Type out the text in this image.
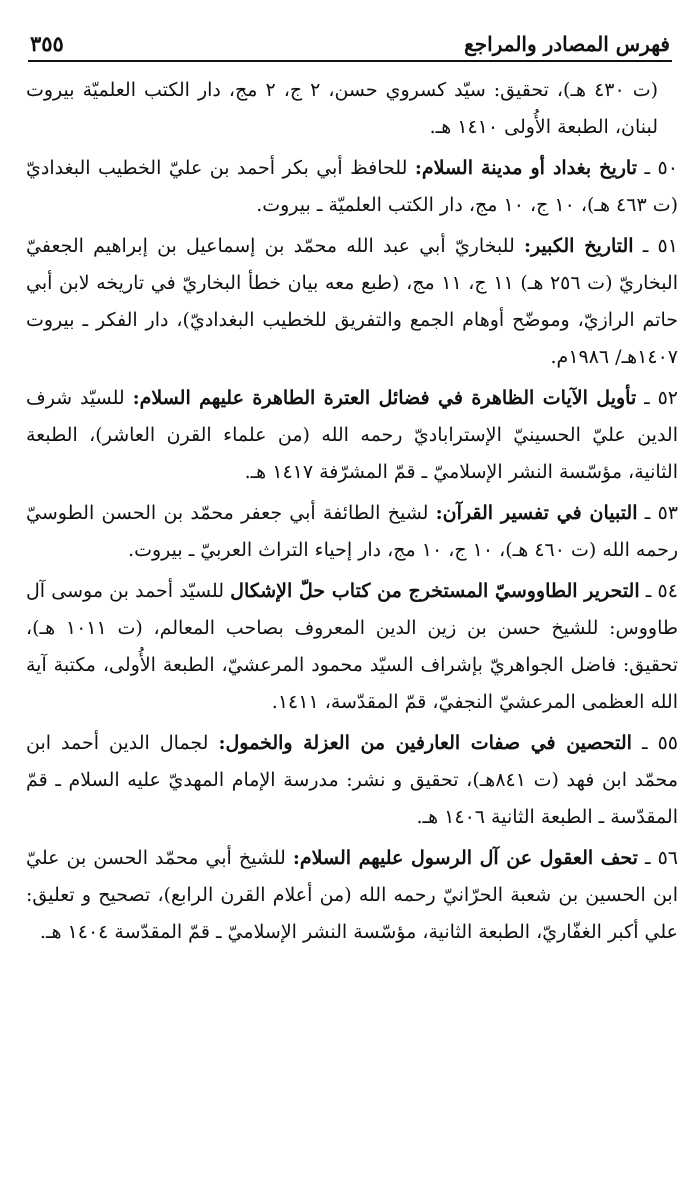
فهرس المصادر والمراجع
٣٥٥

(ت ٤٣٠ هـ)، تحقيق: سيّد كسروي حسن، ٢ ج، ٢ مج، دار الكتب العلميّة بيروت لبنان، الطبعة الأُولى ١٤١٠ هـ.

٥٠ ـ تاريخ بغداد أو مدينة السلام: للحافظ أبي بكر أحمد بن عليّ الخطيب البغداديّ (ت ٤٦٣ هـ)، ١٠ ج، ١٠ مج، دار الكتب العلميّة ـ بيروت.

٥١ ـ التاريخ الكبير: للبخاريّ أبي عبد الله محمّد بن إسماعيل بن إبراهيم الجعفيّ البخاريّ (ت ٢٥٦ هـ) ١١ ج، ١١ مج، (طبع معه بيان خطأ البخاريّ في تاريخه لابن أبي حاتم الرازيّ، وموضّح أوهام الجمع والتفريق للخطيب البغداديّ)، دار الفكر ـ بيروت ١٤٠٧هـ/ ١٩٨٦م.

٥٢ ـ تأويل الآيات الظاهرة في فضائل العترة الطاهرة عليهم السلام: للسيّد شرف الدين عليّ الحسينيّ الإستراباديّ رحمه الله (من علماء القرن العاشر)، الطبعة الثانية، مؤسّسة النشر الإسلاميّ ـ قمّ المشرّفة ١٤١٧ هـ.

٥٣ ـ التبيان في تفسير القرآن: لشيخ الطائفة أبي جعفر محمّد بن الحسن الطوسيّ رحمه الله (ت ٤٦٠ هـ)، ١٠ ج، ١٠ مج، دار إحياء التراث العربيّ ـ بيروت.

٥٤ ـ التحرير الطاووسيّ المستخرج من كتاب حلّ الإشكال للسيّد أحمد بن موسى آل طاووس: للشيخ حسن بن زين الدين المعروف بصاحب المعالم، (ت ١٠١١ هـ)، تحقيق: فاضل الجواهريّ بإشراف السيّد محمود المرعشيّ، الطبعة الأُولى، مكتبة آية الله العظمى المرعشيّ النجفيّ، قمّ المقدّسة، ١٤١١.

٥٥ ـ التحصين في صفات العارفين من العزلة والخمول: لجمال الدين أحمد ابن محمّد ابن فهد (ت ٨٤١هـ)، تحقيق و نشر: مدرسة الإمام المهديّ عليه السلام ـ قمّ المقدّسة ـ الطبعة الثانية ١٤٠٦ هـ.

٥٦ ـ تحف العقول عن آل الرسول عليهم السلام: للشيخ أبي محمّد الحسن بن عليّ ابن الحسين بن شعبة الحرّانيّ رحمه الله (من أعلام القرن الرابع)، تصحيح و تعليق: علي أكبر الغفّاريّ، الطبعة الثانية، مؤسّسة النشر الإسلاميّ ـ قمّ المقدّسة ١٤٠٤ هـ.
